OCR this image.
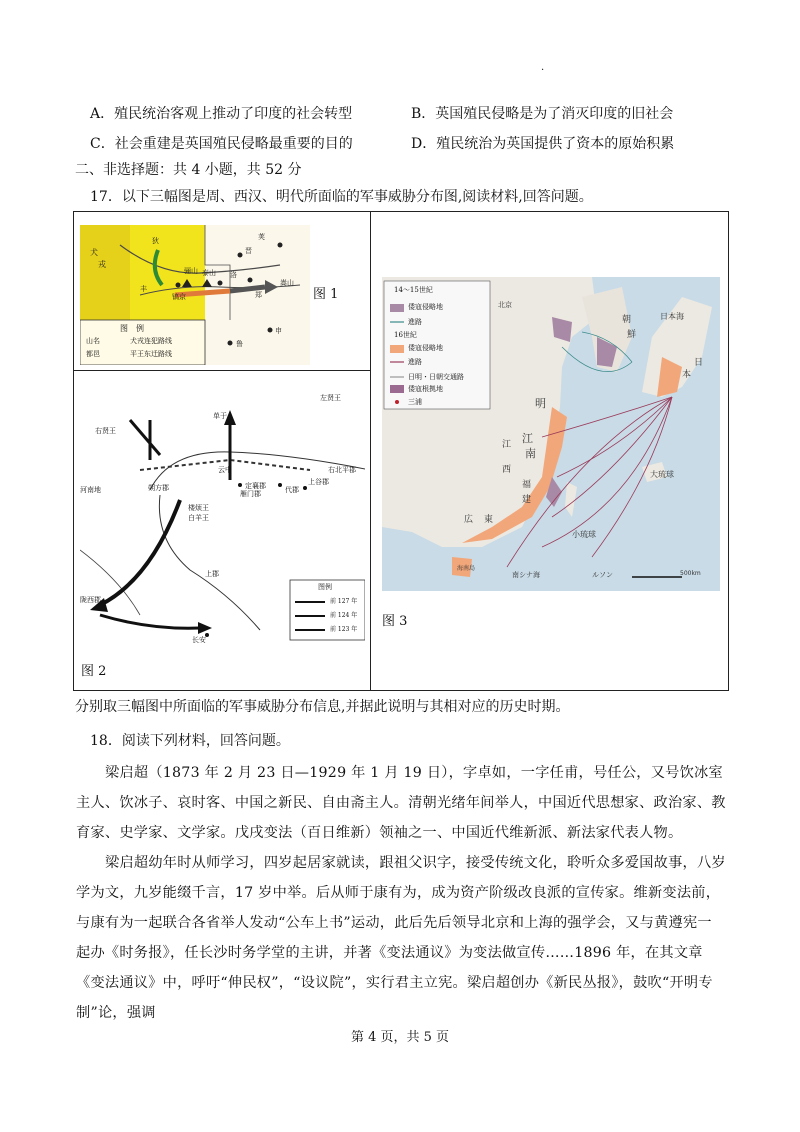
.
A．殖民统治客观上推动了印度的社会转型	B．英国殖民侵略是为了消灭印度的旧社会
C．社会重建是英国殖民侵略最重要的目的	D．殖民统治为英国提供了资本的原始积累
二、非选择题：共 4 小题，共 52 分
17．以下三幅图是周、西汉、明代所面临的军事威胁分布图,阅读材料,回答问题。
狄
骊山
丰
镐京
泰山
嵩山
晋
荚
洛
郑
申
鲁
犬
戎
图　例
山名	犬戎连犯路线
都邑	平王东迁路线
图 1
右贤王
单于
左贤王
云中
河南地	朔方郡	定襄郡
雁门郡	代郡
上谷郡
右北平郡
白羊王
楼烦王
上郡
陇西郡
长安
图例
前 127 年
前 124 年
前 123 年
图 2
北京
朝
鮮
日本海
本
日
明
江
南
江
西
福
建
広 東
大琉球
小琉球
南シナ海	ルソン	500km
海南島
14～15世紀
倭寇侵略地
進路
16世紀
倭寇侵略地
進路
日明・日朝交通路
倭寇根拠地
三浦
图 3
分别取三幅图中所面临的军事威胁分布信息,并据此说明与其相对应的历史时期。
18．阅读下列材料，回答问题。
梁启超（1873 年 2 月 23 日—1929 年 1 月 19 日），字卓如，一字任甫，号任公，又号饮冰室主人、饮冰子、哀时客、中国之新民、自由斋主人。清朝光绪年间举人，中国近代思想家、政治家、教育家、史学家、文学家。戊戌变法（百日维新）领袖之一、中国近代维新派、新法家代表人物。
梁启超幼年时从师学习，四岁起居家就读，跟祖父识字，接受传统文化，聆听众多爱国故事，八岁学为文，九岁能缀千言，17 岁中举。后从师于康有为，成为资产阶级改良派的宣传家。维新变法前，与康有为一起联合各省举人发动“公车上书”运动，此后先后领导北京和上海的强学会，又与黄遵宪一起办《时务报》，任长沙时务学堂的主讲，并著《变法通议》为变法做宣传……1896 年，在其文章《变法通议》中，呼吁“伸民权”，“设议院”，实行君主立宪。梁启超创办《新民丛报》，鼓吹“开明专制”论，强调
第 4 页，共 5 页
